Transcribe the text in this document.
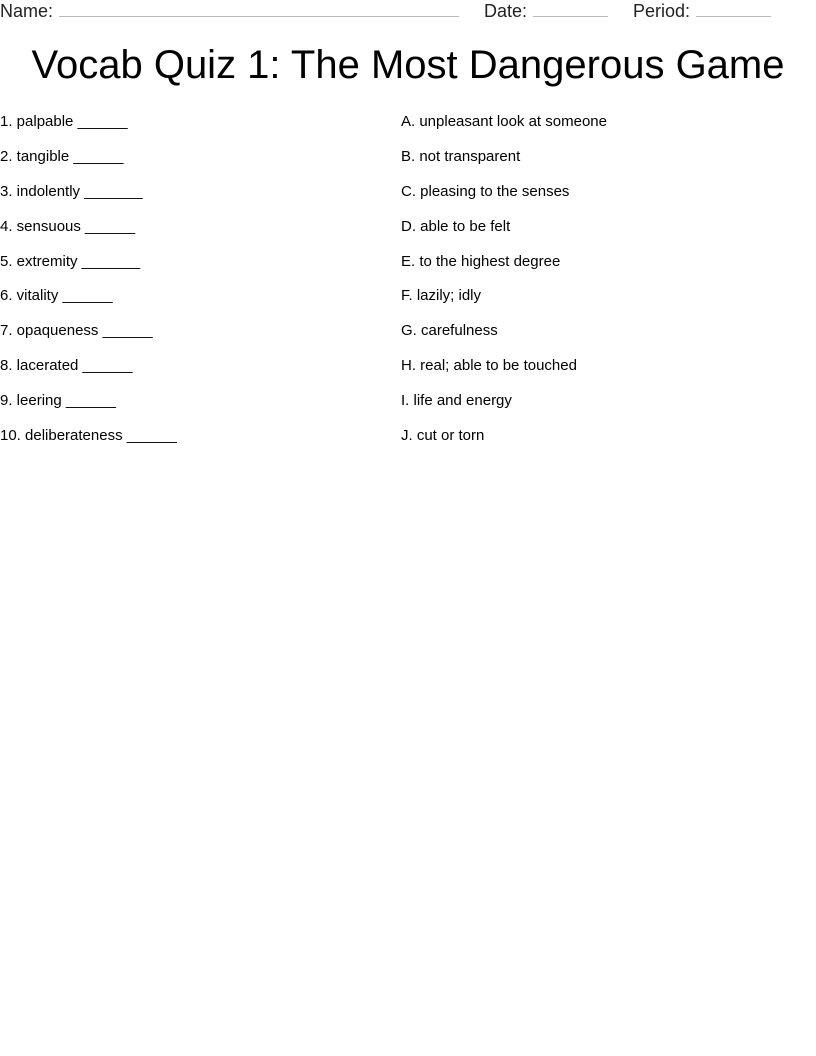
Name:	Date:	Period:
Vocab Quiz 1: The Most Dangerous Game
1. palpable ______
2. tangible ______
3. indolently _______
4. sensuous ______
5. extremity _______
6. vitality ______
7. opaqueness ______
8. lacerated ______
9. leering ______
10. deliberateness ______
A. unpleasant look at someone
B. not transparent
C. pleasing to the senses
D. able to be felt
E. to the highest degree
F. lazily; idly
G. carefulness
H. real; able to be touched
I. life and energy
J. cut or torn
